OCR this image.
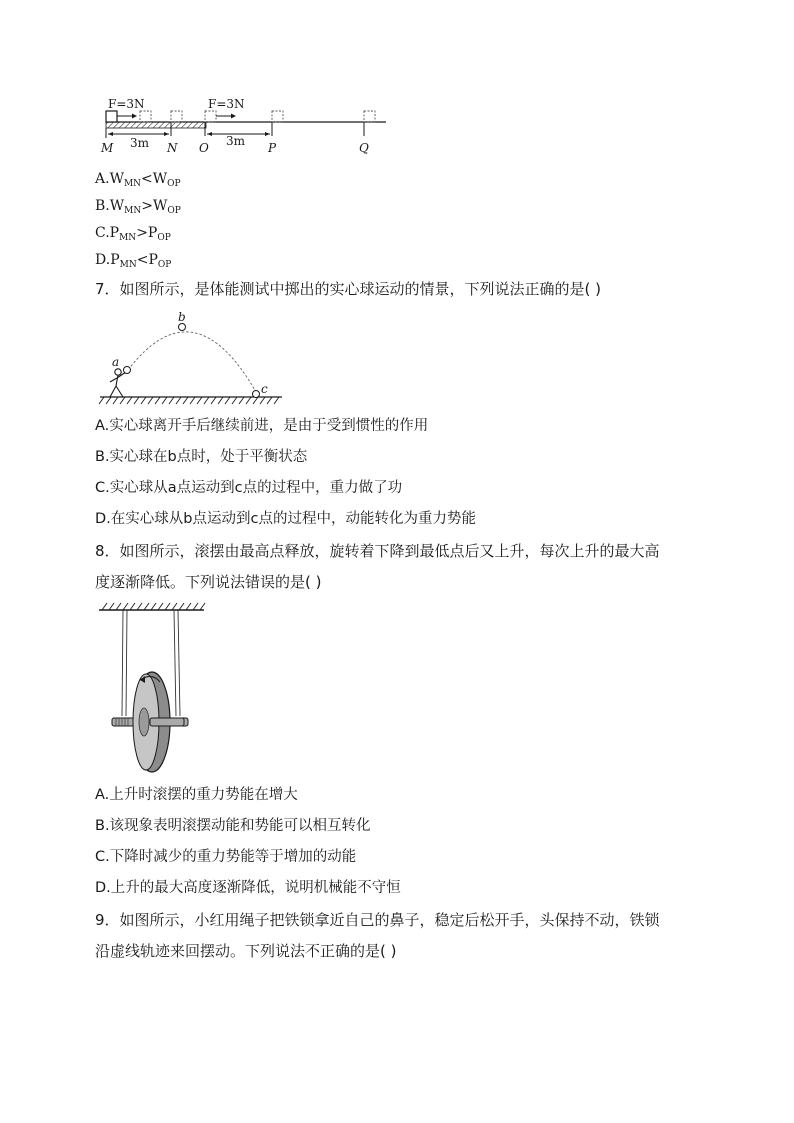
F=3N	F=3N
3m	3m
M	N O	P	Q
$A.W_{MN}<W_{OP}$
$B.W_{MN}>W_{OP}$
$C.P_{MN}>P_{OP}$
$D.P_{MN}<P_{OP}$
7．如图所示，是体能测试中掷出的实心球运动的情景，下列说法正确的是( )
a
b
c
A.实心球离开手后继续前进，是由于受到惯性的作用
B.实心球在b点时，处于平衡状态
C.实心球从a点运动到c点的过程中，重力做了功
D.在实心球从b点运动到c点的过程中，动能转化为重力势能
8．如图所示，滚摆由最高点释放，旋转着下降到最低点后又上升，每次上升的最大高
度逐渐降低。下列说法错误的是( )
A.上升时滚摆的重力势能在增大
B.该现象表明滚摆动能和势能可以相互转化
C.下降时减少的重力势能等于增加的动能
D.上升的最大高度逐渐降低，说明机械能不守恒
9．如图所示，小红用绳子把铁锁拿近自己的鼻子，稳定后松开手，头保持不动，铁锁
沿虚线轨迹来回摆动。下列说法不正确的是( )
